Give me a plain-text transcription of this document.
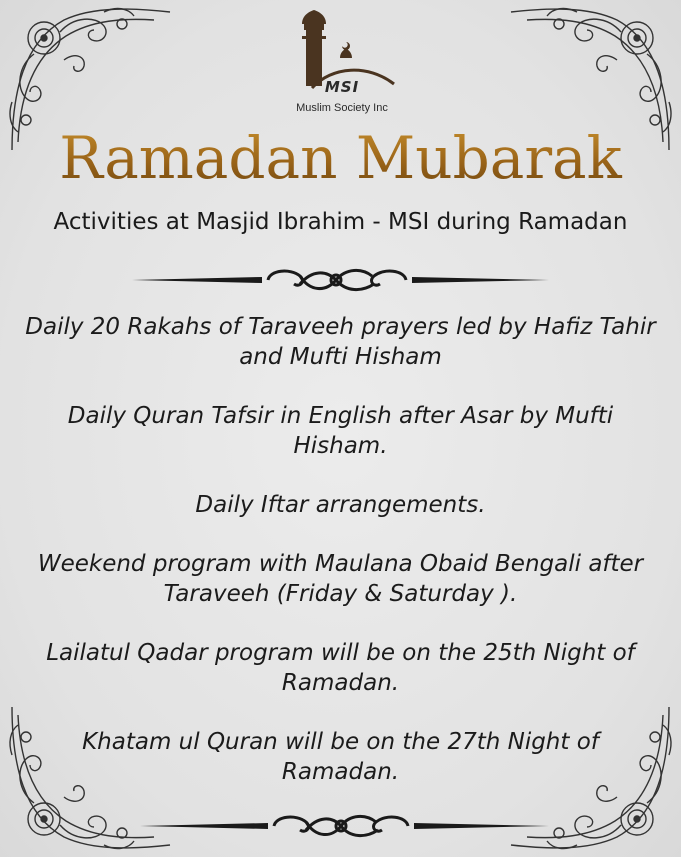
MSI
Muslim Society Inc
Ramadan Mubarak
Activities at Masjid Ibrahim - MSI during Ramadan
Daily 20 Rakahs of Taraveeh prayers led by Hafiz Tahir and Mufti Hisham
Daily Quran Tafsir in English after Asar by Mufti Hisham.
Daily Iftar arrangements.
Weekend program with Maulana Obaid Bengali after Taraveeh (Friday & Saturday ).
Lailatul Qadar program will be on the 25th Night of Ramadan.
Khatam ul Quran will be on the 27th Night of Ramadan.
